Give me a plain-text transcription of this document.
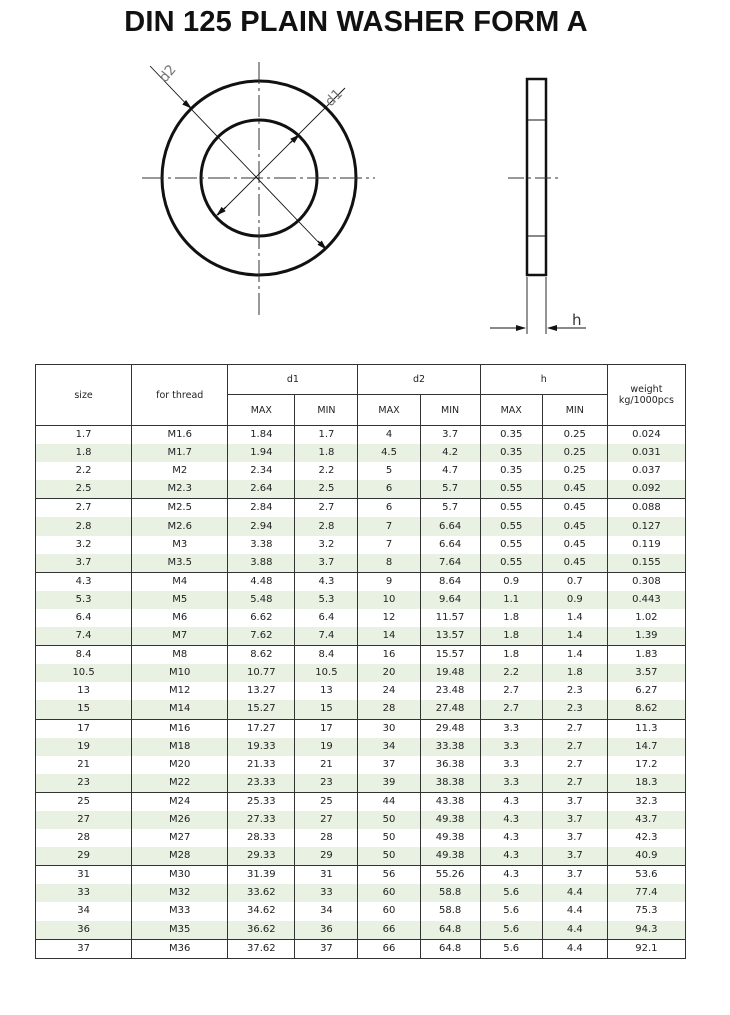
DIN 125 PLAIN WASHER FORM A
d2
d1
h
size	for thread	d1		d2		h		weight
kg/1000pcs
		MAX	MIN	MAX	MIN	MAX	MIN	
1.7	M1.6	1.84	1.7	4	3.7	0.35	0.25	0.024
1.8	M1.7	1.94	1.8	4.5	4.2	0.35	0.25	0.031
2.2	M2	2.34	2.2	5	4.7	0.35	0.25	0.037
2.5	M2.3	2.64	2.5	6	5.7	0.55	0.45	0.092
2.7	M2.5	2.84	2.7	6	5.7	0.55	0.45	0.088
2.8	M2.6	2.94	2.8	7	6.64	0.55	0.45	0.127
3.2	M3	3.38	3.2	7	6.64	0.55	0.45	0.119
3.7	M3.5	3.88	3.7	8	7.64	0.55	0.45	0.155
4.3	M4	4.48	4.3	9	8.64	0.9	0.7	0.308
5.3	M5	5.48	5.3	10	9.64	1.1	0.9	0.443
6.4	M6	6.62	6.4	12	11.57	1.8	1.4	1.02
7.4	M7	7.62	7.4	14	13.57	1.8	1.4	1.39
8.4	M8	8.62	8.4	16	15.57	1.8	1.4	1.83
10.5	M10	10.77	10.5	20	19.48	2.2	1.8	3.57
13	M12	13.27	13	24	23.48	2.7	2.3	6.27
15	M14	15.27	15	28	27.48	2.7	2.3	8.62
17	M16	17.27	17	30	29.48	3.3	2.7	11.3
19	M18	19.33	19	34	33.38	3.3	2.7	14.7
21	M20	21.33	21	37	36.38	3.3	2.7	17.2
23	M22	23.33	23	39	38.38	3.3	2.7	18.3
25	M24	25.33	25	44	43.38	4.3	3.7	32.3
27	M26	27.33	27	50	49.38	4.3	3.7	43.7
28	M27	28.33	28	50	49.38	4.3	3.7	42.3
29	M28	29.33	29	50	49.38	4.3	3.7	40.9
31	M30	31.39	31	56	55.26	4.3	3.7	53.6
33	M32	33.62	33	60	58.8	5.6	4.4	77.4
34	M33	34.62	34	60	58.8	5.6	4.4	75.3
36	M35	36.62	36	66	64.8	5.6	4.4	94.3
37	M36	37.62	37	66	64.8	5.6	4.4	92.1
